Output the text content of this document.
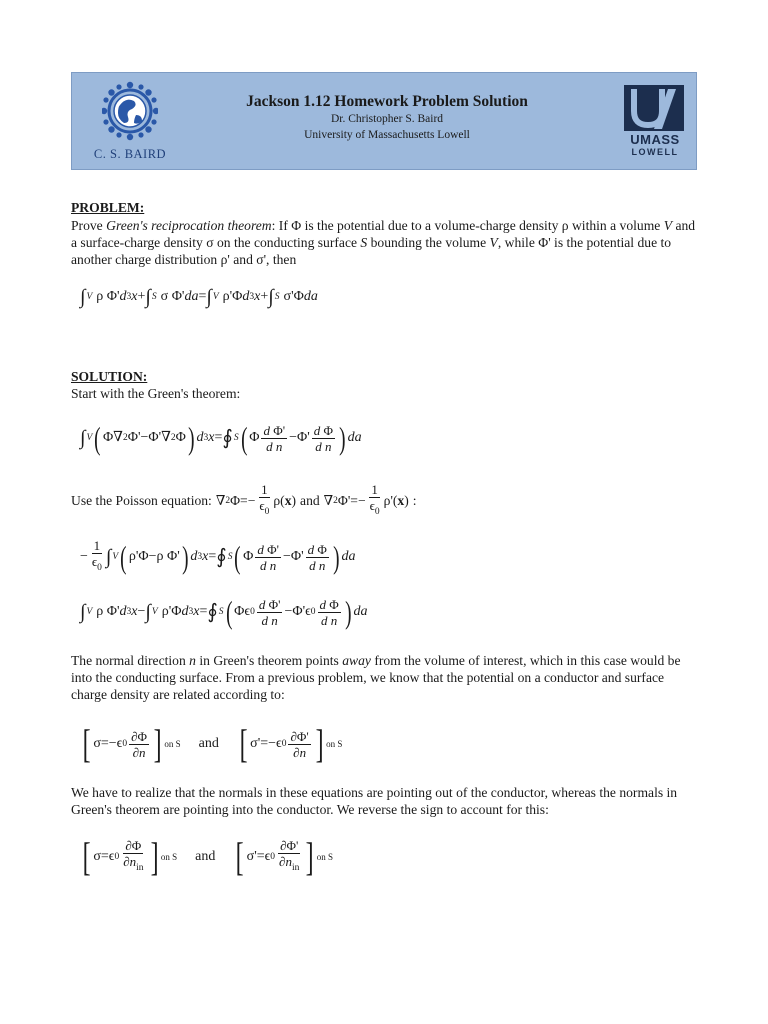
C. S. BAIRD
Jackson 1.12 Homework Problem Solution
Dr. Christopher S. Baird
University of Massachusetts Lowell	UMASS
LOWELL
PROBLEM:
Prove Green's reciprocation theorem: If Φ is the potential due to a volume-charge density ρ within a volume V and a surface-charge density σ on the conducting surface S bounding the volume V, while Φ' is the potential due to another charge distribution ρ' and σ', then
∫ V ρ Φ' d 3 x + ∫ S σ Φ' da = ∫ V ρ'Φ d 3 x + ∫ S σ'Φ da
SOLUTION:
Start with the Green's theorem:
∫ V ( Φ∇ 2 Φ'−Φ'∇ 2 Φ ) d 3 x = ∮ S ( Φ $\frac{\text{d Φ'}}{\text{d n}} -\Phi' \frac{\text{d Φ}}{\text{d n}}$ ) da
Use the Poisson equation: ∇ 2 $\Phi=- \frac{1}{\epsilon_0} \rho$( x ) and ∇ 2 $\Phi'=- \frac{1}{\epsilon_0} \rho'$( x ) :
− $\frac{1}{\epsilon_0}$ ∫ V ( ρ'Φ−ρ Φ' ) d 3 x = ∮ S ( Φ $\frac{\text{d Φ'}}{\text{d n}} -\Phi' \frac{\text{d Φ}}{\text{d n}}$ ) da
∫ V ρ Φ' d 3 x − ∫ V ρ'Φ d 3 x = ∮ S ( Φϵ $0 \frac{\text{d Φ'}}{\text{d n}} -\Phi'\epsilon$ $0 \frac{\text{d Φ}}{\text{d n}}$ ) da
The normal direction n in Green's theorem points away from the volume of interest, which in this case would be into the conducting surface. From a previous problem, we know that the potential on a conductor and surface charge density are related according to:
[ σ=−ϵ $0 \frac{\partial\Phi}{\partial n}$ ] on S and [ σ'=−ϵ $0 \frac{\partial\Phi'}{\partial n}$ ] on S
We have to realize that the normals in these equations are pointing out of the conductor, whereas the normals in Green's theorem are pointing into the conductor. We reverse the sign to account for this:
[ σ=ϵ $0 \frac{\partial\Phi}{\partial n_{in}}$ ] on S and [ σ'=ϵ $0 \frac{\partial\Phi'}{\partial n_{in}}$ ] on S
